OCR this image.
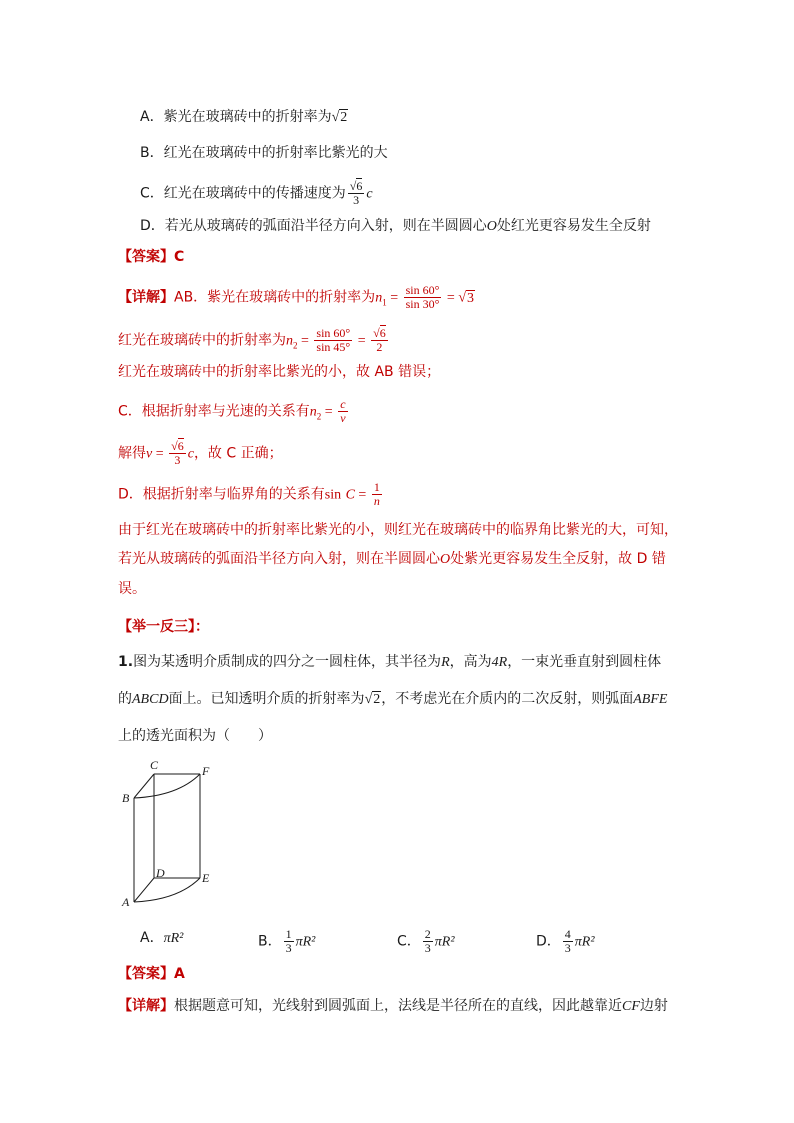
A．紫光在玻璃砖中的折射率为√2
B．红光在玻璃砖中的折射率比紫光的大
C．红光在玻璃砖中的传播速度为 $\frac{√6}{3}$ c
D．若光从玻璃砖的弧面沿半径方向入射，则在半圆圆心O处红光更容易发生全反射
【答案】C
【详解】AB．紫光在玻璃砖中的折射率为$n_1 = \frac{\sin 60^\circ}{\sin 30^\circ} = √3$
红光在玻璃砖中的折射率为$n_2 = \frac{\sin 60^\circ}{\sin 45^\circ} = \frac{√6}{2}$
红光在玻璃砖中的折射率比紫光的小，故 AB 错误；
C．根据折射率与光速的关系有$n_2 = \frac{c}{v}$
解得$v = \frac{√6}{3}$ c，故 C 正确；
D．根据折射率与临界角的关系有$\sin C = \frac{1}{n}$
由于红光在玻璃砖中的折射率比紫光的小，则红光在玻璃砖中的临界角比紫光的大，可知，
若光从玻璃砖的弧面沿半径方向入射，则在半圆圆心O处紫光更容易发生全反射，故 D 错
误。
【举一反三】：
1.图为某透明介质制成的四分之一圆柱体，其半径为R，高为4R，一束光垂直射到圆柱体
的ABCD面上。已知透明介质的折射率为√2，不考虑光在介质内的二次反射，则弧面ABFE
上的透光面积为（　　）
C	F
B
D	E
A
A．πR²	B． $\frac{1}{3} \pi R^2$	C． $\frac{2}{3} \pi R^2$	D． $\frac{4}{3} \pi R^2$
【答案】A
【详解】根据题意可知，光线射到圆弧面上，法线是半径所在的直线，因此越靠近CF边射
